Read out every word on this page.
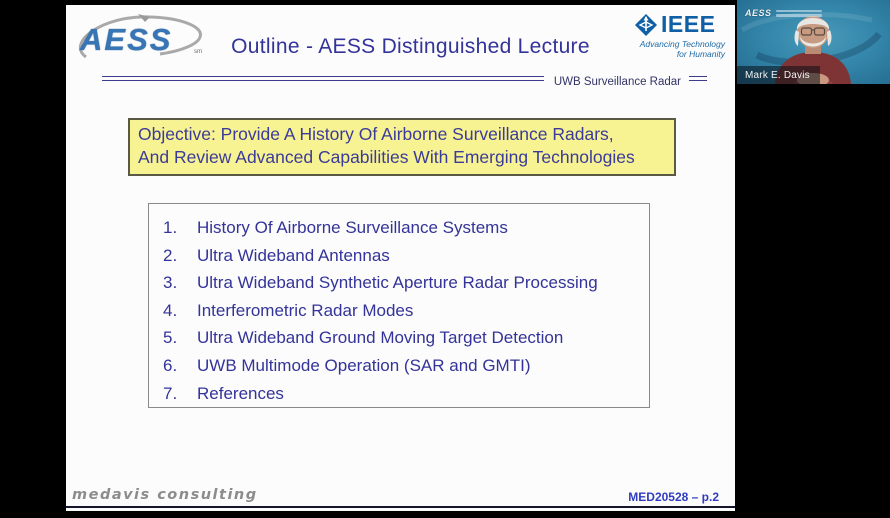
AESS	sm	Outline - AESS Distinguished Lecture
IEEE
Advancing Technology
for Humanity
UWB Surveillance Radar
Objective: Provide A History Of Airborne Surveillance Radars,
And Review Advanced Capabilities With Emerging Technologies
1.	History Of Airborne Surveillance Systems
2.	Ultra Wideband Antennas
3.	Ultra Wideband Synthetic Aperture Radar Processing
4.	Interferometric Radar Modes
5.	Ultra Wideband Ground Moving Target Detection
6.	UWB Multimode Operation (SAR and GMTI)
7.	References
medavis consulting	MED20528 – p.2
AESS
Mark E. Davis
